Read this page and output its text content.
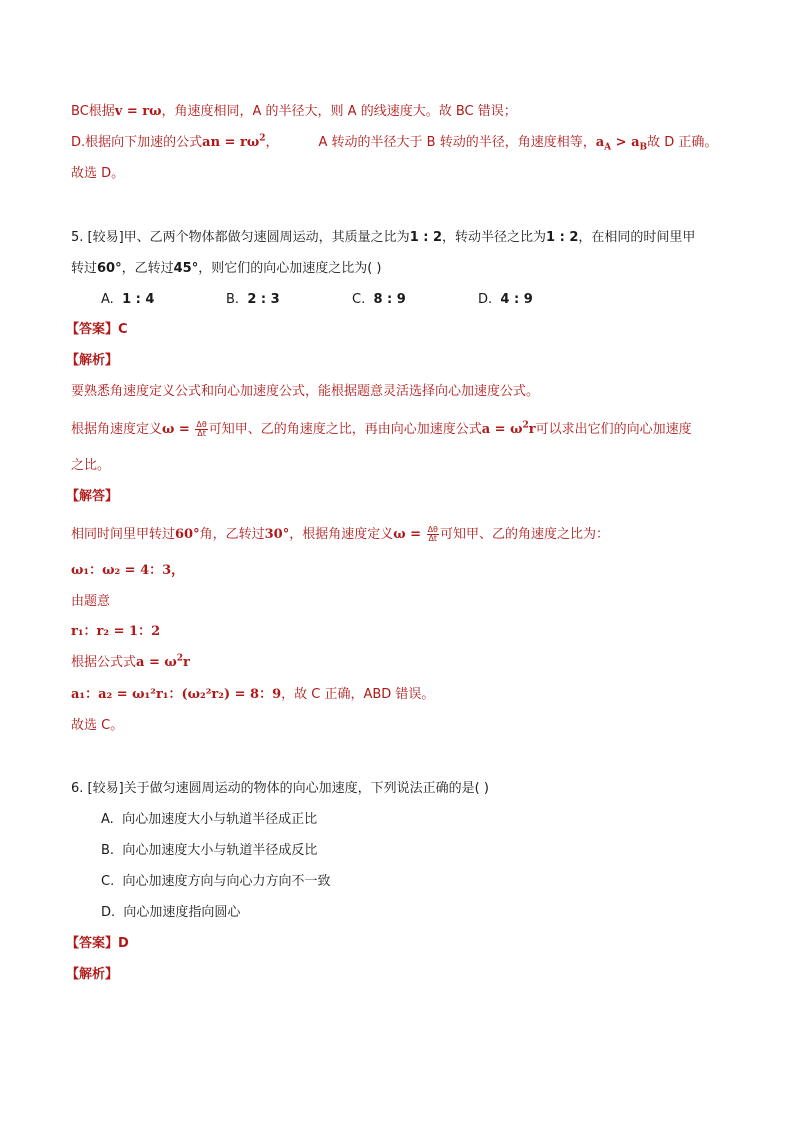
BC根据v = rω，角速度相同，A 的半径大，则 A 的线速度大。故 BC 错误；
D.根据向下加速的公式an = $r\omega^2$，	A 转动的半径大于 B 转动的半径，角速度相等，$a_A > a_B$故 D 正确。
故选 D。
5. [较易]甲、乙两个物体都做匀速圆周运动，其质量之比为1 : 2，转动半径之比为1 : 2，在相同的时间里甲
转过60°，乙转过45°，则它们的向心加速度之比为( )
A. 1 : 4	B. 2 : 3	C. 8 : 9	D. 4 : 9
【答案】C
【解析】
要熟悉角速度定义公式和向心加速度公式，能根据题意灵活选择向心加速度公式。
根据角速度定义$\omega = \frac{\Delta\theta}{\Delta t}$ 可知甲、乙的角速度之比，再由向心加速度公式$a = \omega^2r$可以求出它们的向心加速度
之比。
【解答】
相同时间里甲转过60°角，乙转过30°，根据角速度定义$\omega = \frac{\Delta\theta}{\Delta t}$ 可知甲、乙的角速度之比为：
ω₁：ω₂ = 4：3，
由题意
r₁：r₂ = 1：2
根据公式式$a = \omega^2r$
a₁：a₂ = ω₁²r₁：(ω₂²r₂) = 8：9，故 C 正确，ABD 错误。
故选 C。
6. [较易]关于做匀速圆周运动的物体的向心加速度，下列说法正确的是( )
A. 向心加速度大小与轨道半径成正比
B. 向心加速度大小与轨道半径成反比
C. 向心加速度方向与向心力方向不一致
D. 向心加速度指向圆心
【答案】D
【解析】
